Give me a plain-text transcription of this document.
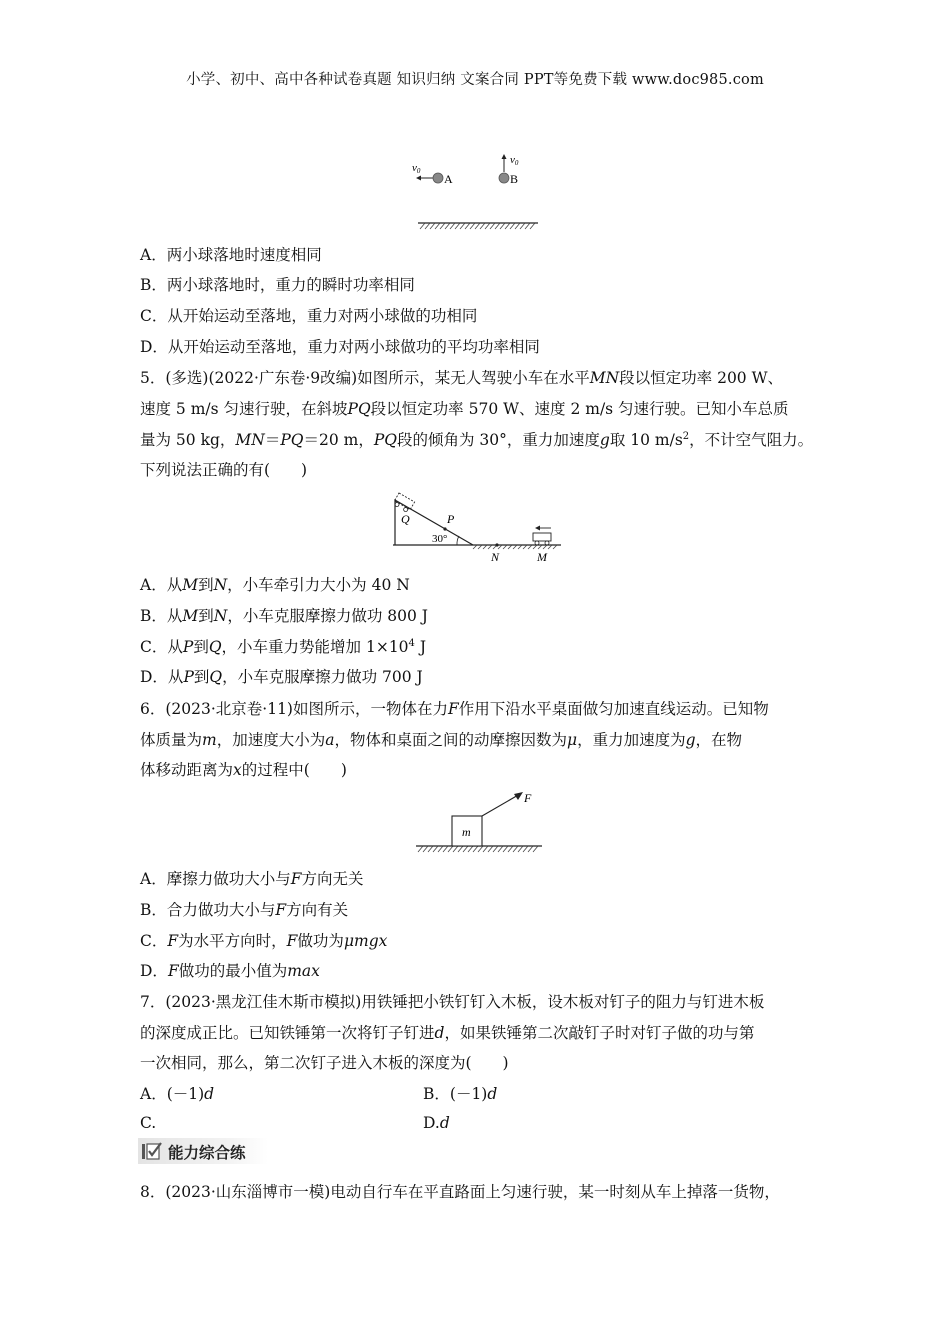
小学、初中、高中各种试卷真题 知识归纳 文案合同 PPT等免费下载 www.doc985.com
v0
A
v0
B
A．两小球落地时速度相同
B．两小球落地时，重力的瞬时功率相同
C．从开始运动至落地，重力对两小球做的功相同
D．从开始运动至落地，重力对两小球做功的平均功率相同
5．(多选)(2022·广东卷·9改编)如图所示，某无人驾驶小车在水平MN段以恒定功率 200 W、
速度 5 m/s 匀速行驶，在斜坡PQ段以恒定功率 570 W、速度 2 m/s 匀速行驶。已知小车总质
量为 50 kg，MN＝PQ＝20 m，PQ段的倾角为 30°，重力加速度g取 10 $m/s^2$，不计空气阻力。
下列说法正确的有(　　)
Q	P
30°
N	M
A．从M到N，小车牵引力大小为 40 N
B．从M到N，小车克服摩擦力做功 800 J
C．从P到Q，小车重力势能增加 $1\times 10^4$ J
D．从P到Q，小车克服摩擦力做功 700 J
6．(2023·北京卷·11)如图所示，一物体在力F作用下沿水平桌面做匀加速直线运动。已知物
体质量为m，加速度大小为a，物体和桌面之间的动摩擦因数为μ，重力加速度为g，在物
体移动距离为x的过程中(　　)
m
F
A．摩擦力做功大小与F方向无关
B．合力做功大小与F方向有关
C．F为水平方向时，F做功为μmgx
D．F做功的最小值为max
7．(2023·黑龙江佳木斯市模拟)用铁锤把小铁钉钉入木板，设木板对钉子的阻力与钉进木板
的深度成正比。已知铁锤第一次将钉子钉进d，如果铁锤第二次敲钉子时对钉子做的功与第
一次相同，那么，第二次钉子进入木板的深度为(　　)
A．(－1)d	B．(－1)d
C.	D.d
能力综合练
8．(2023·山东淄博市一模)电动自行车在平直路面上匀速行驶，某一时刻从车上掉落一货物，
